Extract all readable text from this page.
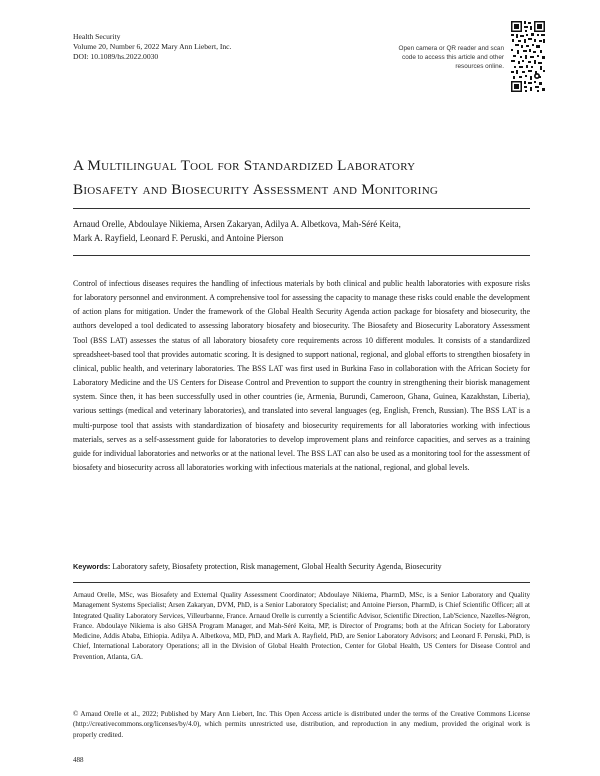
Health Security
Volume 20, Number 6, 2022 Mary Ann Liebert, Inc.
DOI: 10.1089/hs.2022.0030
Open camera or QR reader and scan code to access this article and other resources online.
A Multilingual Tool for Standardized Laboratory
Biosafety and Biosecurity Assessment and Monitoring
Arnaud Orelle, Abdoulaye Nikiema, Arsen Zakaryan, Adilya A. Albetkova, Mah-Séré Keita,
Mark A. Rayfield, Leonard F. Peruski, and Antoine Pierson

Control of infectious diseases requires the handling of infectious materials by both clinical and public health laboratories with exposure risks for laboratory personnel and environment. A comprehensive tool for assessing the capacity to manage these risks could enable the development of action plans for mitigation. Under the framework of the Global Health Security Agenda action package for biosafety and biosecurity, the authors developed a tool dedicated to assessing laboratory biosafety and biosecurity. The Biosafety and Biosecurity Laboratory Assessment Tool (BSS LAT) assesses the status of all laboratory biosafety core requirements across 10 different modules. It consists of a standardized spreadsheet-based tool that provides automatic scoring. It is designed to support national, regional, and global efforts to strengthen biosafety in clinical, public health, and veterinary laboratories. The BSS LAT was first used in Burkina Faso in collaboration with the African Society for Laboratory Medicine and the US Centers for Disease Control and Prevention to support the country in strengthening their biorisk management system. Since then, it has been successfully used in other countries (ie, Armenia, Burundi, Cameroon, Ghana, Guinea, Kazakhstan, Liberia), various settings (medical and veterinary laboratories), and translated into several languages (eg, English, French, Russian). The BSS LAT is a multi-purpose tool that assists with standardization of biosafety and biosecurity requirements for all laboratories working with infectious materials, serves as a self-assessment guide for laboratories to develop improvement plans and reinforce capacities, and serves as a training guide for individual laboratories and networks or at the national level. The BSS LAT can also be used as a monitoring tool for the assessment of biosafety and biosecurity across all laboratories working with infectious materials at the national, regional, and global levels.

Keywords: Laboratory safety, Biosafety protection, Risk management, Global Health Security Agenda, Biosecurity

Arnaud Orelle, MSc, was Biosafety and External Quality Assessment Coordinator; Abdoulaye Nikiema, PharmD, MSc, is a Senior Laboratory and Quality Management Systems Specialist; Arsen Zakaryan, DVM, PhD, is a Senior Laboratory Specialist; and Antoine Pierson, PharmD, is Chief Scientific Officer; all at Integrated Quality Laboratory Services, Villeurbanne, France. Arnaud Orelle is currently a Scientific Advisor, Scientific Direction, Lab'Science, Nazelles-Négron, France. Abdoulaye Nikiema is also GHSA Program Manager, and Mah-Séré Keita, MP, is Director of Programs; both at the African Society for Laboratory Medicine, Addis Ababa, Ethiopia. Adilya A. Albetkova, MD, PhD, and Mark A. Rayfield, PhD, are Senior Laboratory Advisors; and Leonard F. Peruski, PhD, is Chief, International Laboratory Operations; all in the Division of Global Health Protection, Center for Global Health, US Centers for Disease Control and Prevention, Atlanta, GA.

© Arnaud Orelle et al., 2022; Published by Mary Ann Liebert, Inc. This Open Access article is distributed under the terms of the Creative Commons License (http://creativecommons.org/licenses/by/4.0), which permits unrestricted use, distribution, and reproduction in any medium, provided the original work is properly credited.

488
